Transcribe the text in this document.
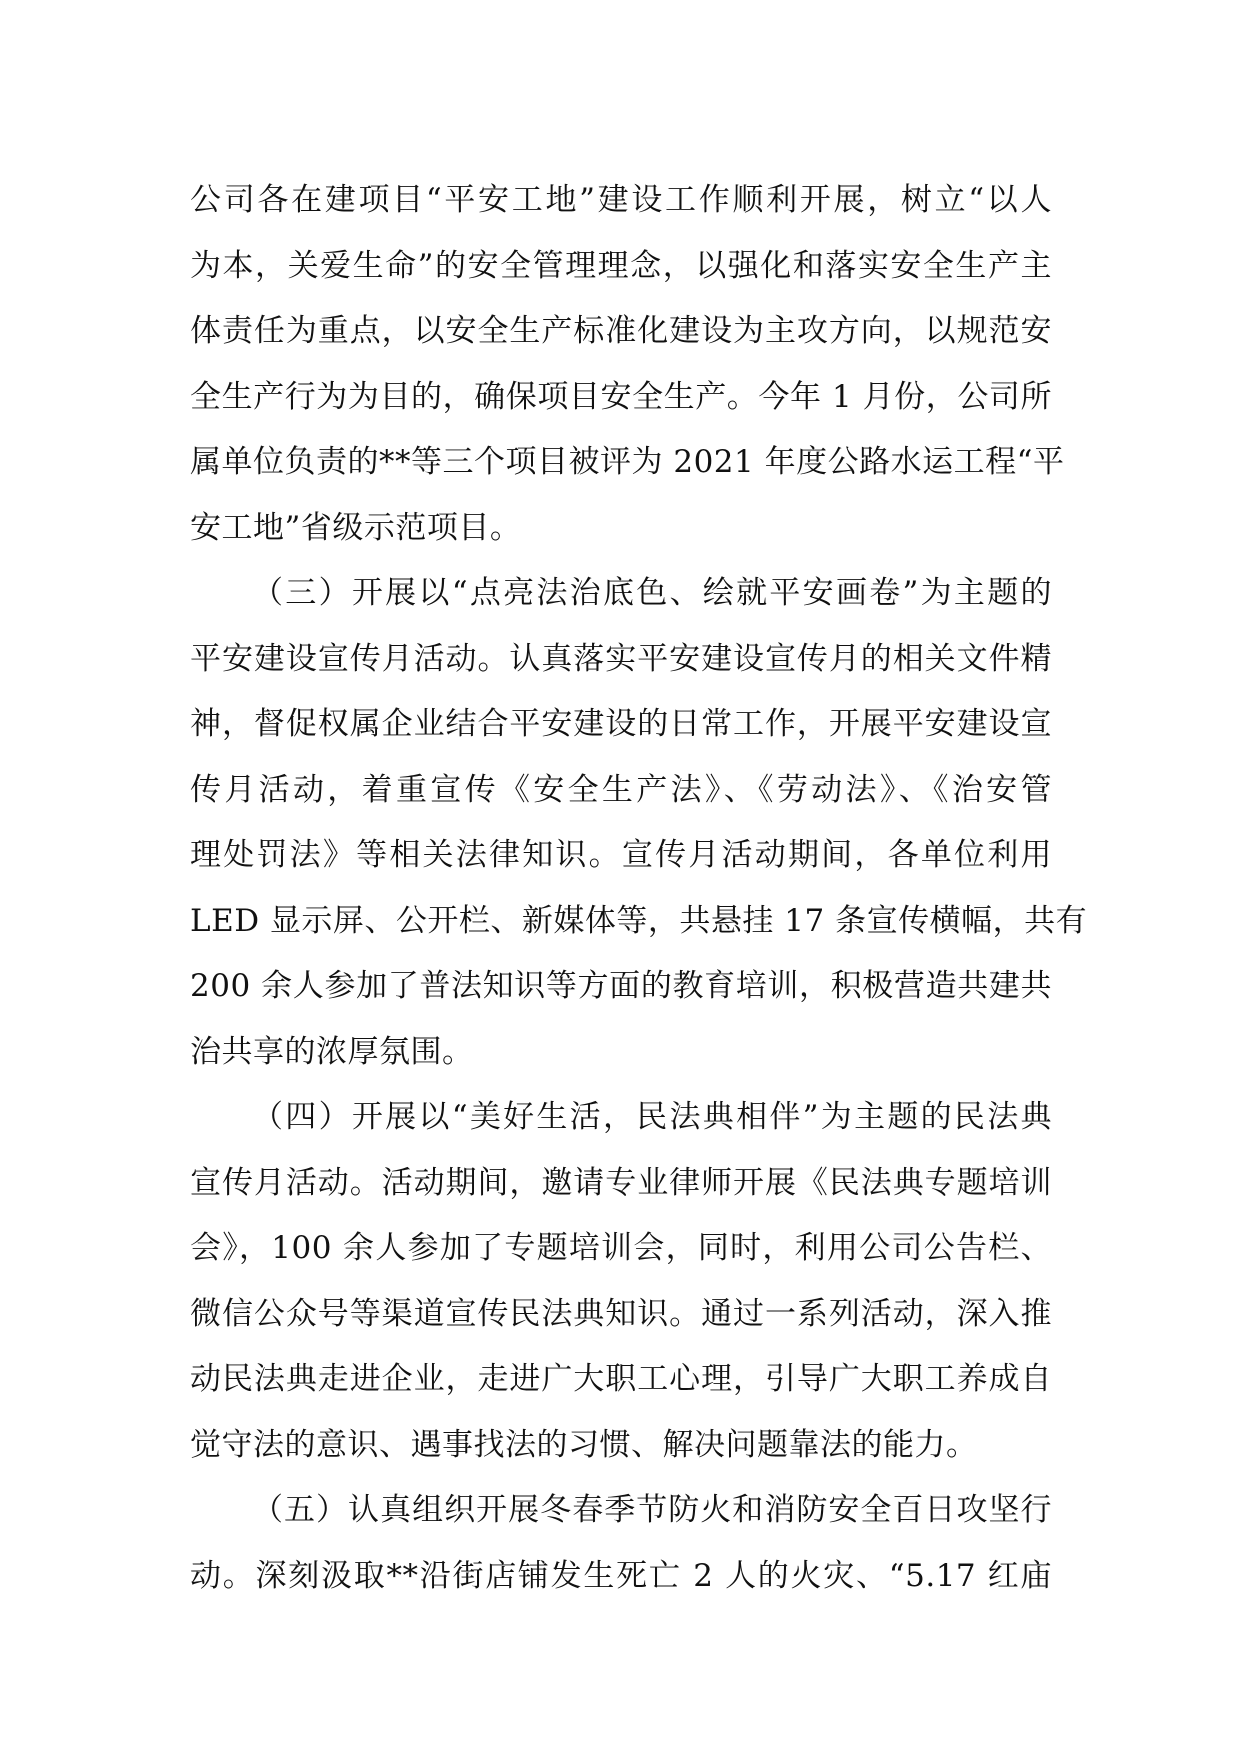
公司各在建项目“平安工地”建设工作顺利开展，树立“以人
为本，关爱生命”的安全管理理念，以强化和落实安全生产主
体责任为重点，以安全生产标准化建设为主攻方向，以规范安
全生产行为为目的，确保项目安全生产。今年 1 月份，公司所
属单位负责的**等三个项目被评为 2021 年度公路水运工程“平
安工地”省级示范项目。
（三）开展以“点亮法治底色、绘就平安画卷”为主题的
平安建设宣传月活动。认真落实平安建设宣传月的相关文件精
神，督促权属企业结合平安建设的日常工作，开展平安建设宣
传月活动，着重宣传《安全生产法》、《劳动法》、《治安管
理处罚法》等相关法律知识。宣传月活动期间，各单位利用
LED 显示屏、公开栏、新媒体等，共悬挂 17 条宣传横幅，共有
200 余人参加了普法知识等方面的教育培训，积极营造共建共
治共享的浓厚氛围。
（四）开展以“美好生活，民法典相伴”为主题的民法典
宣传月活动。活动期间，邀请专业律师开展《民法典专题培训
会》，100 余人参加了专题培训会，同时，利用公司公告栏、
微信公众号等渠道宣传民法典知识。通过一系列活动，深入推
动民法典走进企业，走进广大职工心理，引导广大职工养成自
觉守法的意识、遇事找法的习惯、解决问题靠法的能力。
（五）认真组织开展冬春季节防火和消防安全百日攻坚行
动。深刻汲取**沿街店铺发生死亡 2 人的火灾、“5.17 红庙
